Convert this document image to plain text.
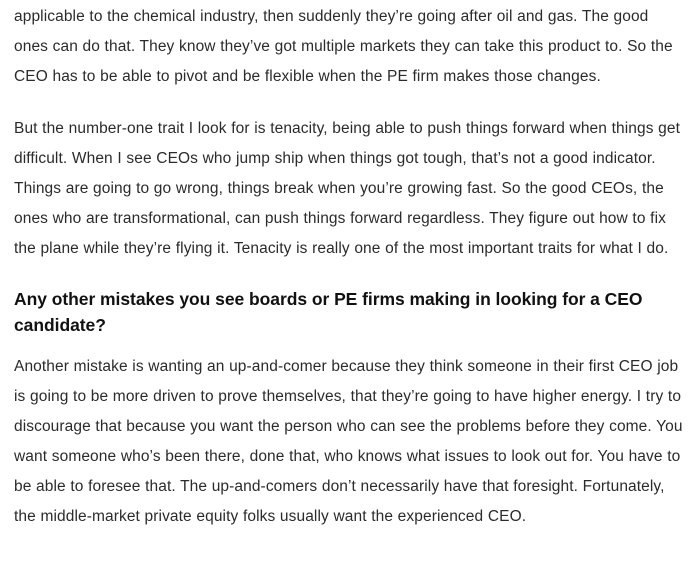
applicable to the chemical industry, then suddenly they’re going after oil and gas. The good ones can do that. They know they’ve got multiple markets they can take this product to. So the CEO has to be able to pivot and be flexible when the PE firm makes those changes.

But the number-one trait I look for is tenacity, being able to push things forward when things get difficult. When I see CEOs who jump ship when things got tough, that’s not a good indicator. Things are going to go wrong, things break when you’re growing fast. So the good CEOs, the ones who are transformational, can push things forward regardless. They figure out how to fix the plane while they’re flying it. Tenacity is really one of the most important traits for what I do.

Any other mistakes you see boards or PE firms making in looking for a CEO candidate?

Another mistake is wanting an up-and-comer because they think someone in their first CEO job is going to be more driven to prove themselves, that they’re going to have higher energy. I try to discourage that because you want the person who can see the problems before they come. You want someone who’s been there, done that, who knows what issues to look out for. You have to be able to foresee that. The up-and-comers don’t necessarily have that foresight. Fortunately, the middle-market private equity folks usually want the experienced CEO.
